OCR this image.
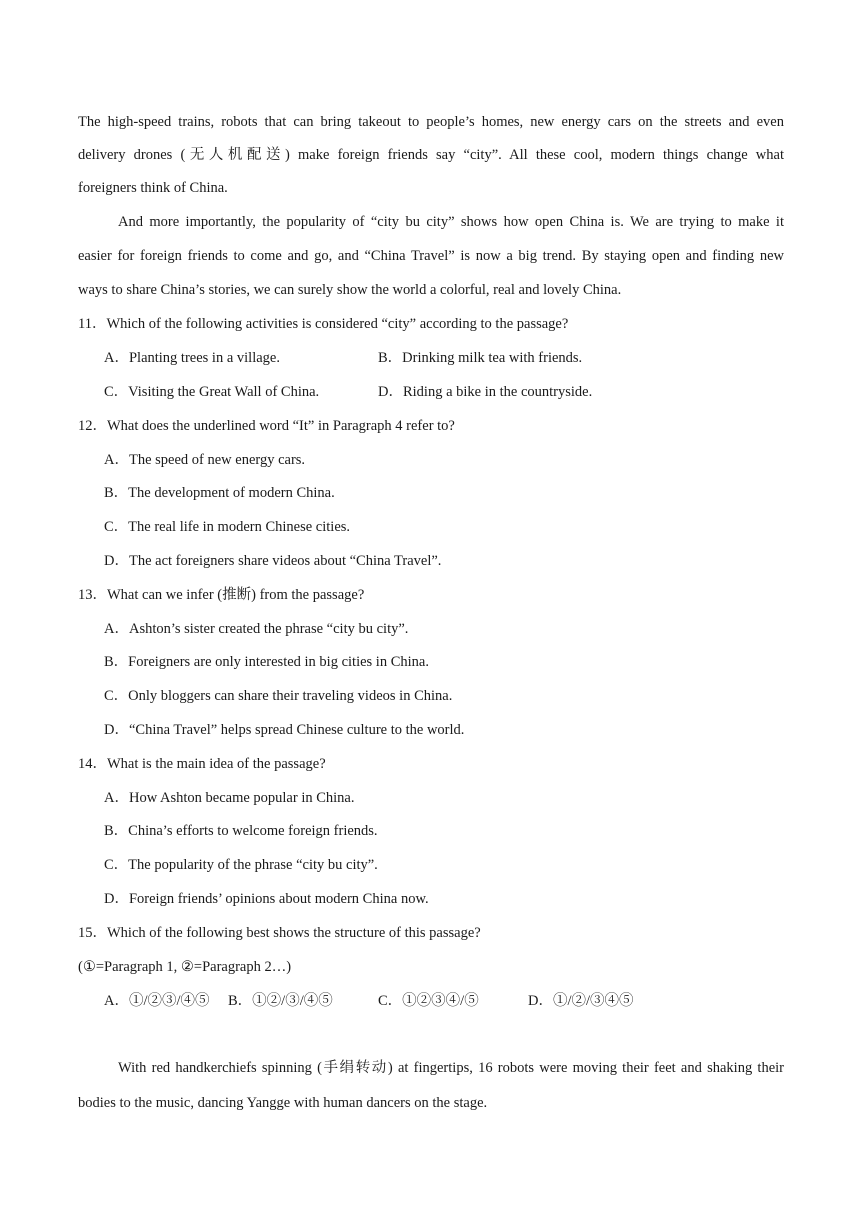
The high-speed trains, robots that can bring takeout to people’s homes, new energy cars on the streets and even
delivery drones (无人机配送) make foreign friends say “city”. All these cool, modern things change what
foreigners think of China.
And more importantly, the popularity of “city bu city” shows how open China is. We are trying to make it
easier for foreign friends to come and go, and “China Travel” is now a big trend. By staying open and finding new
ways to share China’s stories, we can surely show the world a colorful, real and lovely China.
11．Which of the following activities is considered “city” according to the passage?
A．Planting trees in a village.	B．Drinking milk tea with friends.
C．Visiting the Great Wall of China.	D．Riding a bike in the countryside.
12．What does the underlined word “It” in Paragraph 4 refer to?
A．The speed of new energy cars.
B．The development of modern China.
C．The real life in modern Chinese cities.
D．The act foreigners share videos about “China Travel”.
13．What can we infer (推断) from the passage?
A．Ashton’s sister created the phrase “city bu city”.
B．Foreigners are only interested in big cities in China.
C．Only bloggers can share their traveling videos in China.
D．“China Travel” helps spread Chinese culture to the world.
14．What is the main idea of the passage?
A．How Ashton became popular in China.
B．China’s efforts to welcome foreign friends.
C．The popularity of the phrase “city bu city”.
D．Foreign friends’ opinions about modern China now.
15．Which of the following best shows the structure of this passage?
(①=Paragraph 1, ②=Paragraph 2…)
A．①/②③/④⑤ B．①②/③/④⑤	C．①②③④/⑤	D．①/②/③④⑤
With red handkerchiefs spinning (手绢转动) at fingertips, 16 robots were moving their feet and shaking their
bodies to the music, dancing Yangge with human dancers on the stage.
